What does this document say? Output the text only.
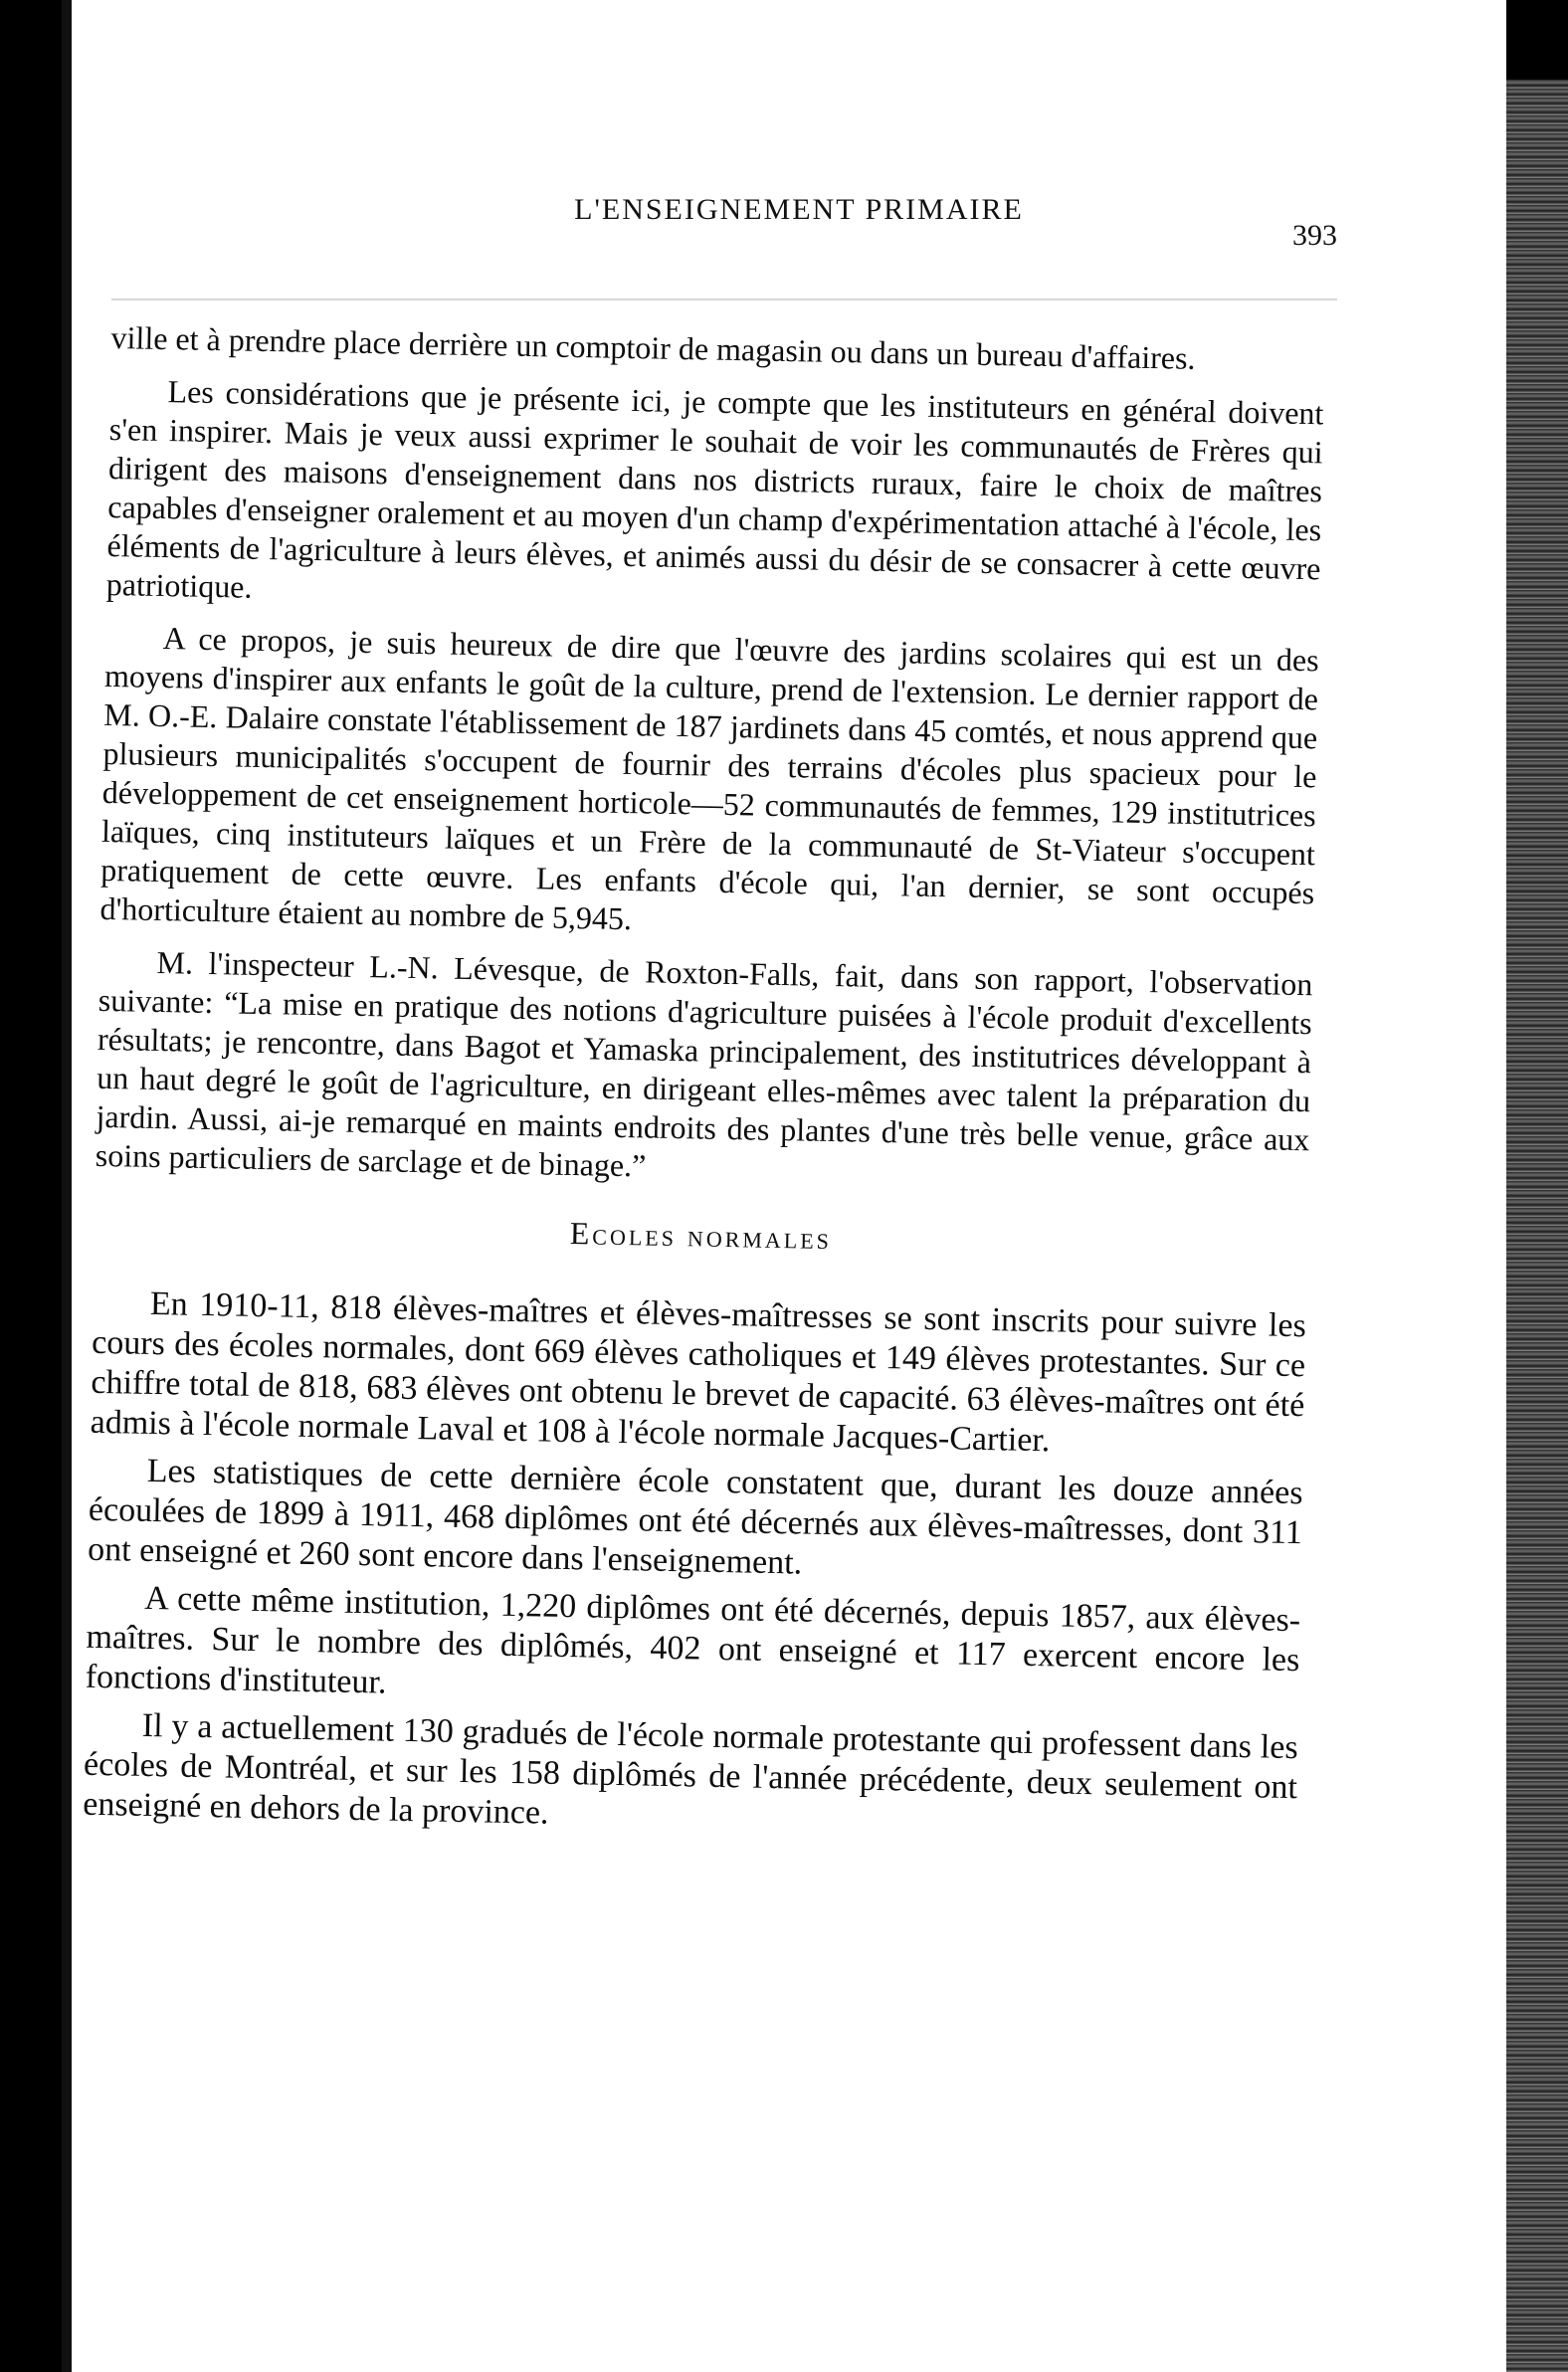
L'ENSEIGNEMENT PRIMAIRE
393

ville et à prendre place derrière un comptoir de magasin ou dans un bureau d'affaires.

Les considérations que je présente ici, je compte que les instituteurs en général doivent s'en inspirer. Mais je veux aussi exprimer le souhait de voir les communautés de Frères qui dirigent des maisons d'enseignement dans nos districts ruraux, faire le choix de maîtres capables d'enseigner oralement et au moyen d'un champ d'expérimentation attaché à l'école, les éléments de l'agriculture à leurs élèves, et animés aussi du désir de se consacrer à cette œuvre patriotique.

A ce propos, je suis heureux de dire que l'œuvre des jardins scolaires qui est un des moyens d'inspirer aux enfants le goût de la culture, prend de l'extension. Le dernier rapport de M. O.-E. Dalaire constate l'établissement de 187 jardinets dans 45 comtés, et nous apprend que plusieurs municipalités s'occupent de fournir des terrains d'écoles plus spacieux pour le développement de cet enseignement horticole—52 communautés de femmes, 129 institutrices laïques, cinq instituteurs laïques et un Frère de la communauté de St-Viateur s'occupent pratiquement de cette œuvre. Les enfants d'école qui, l'an dernier, se sont occupés d'horticulture étaient au nombre de 5,945.

M. l'inspecteur L.-N. Lévesque, de Roxton-Falls, fait, dans son rapport, l'observation suivante: “La mise en pratique des notions d'agriculture puisées à l'école produit d'excellents résultats; je rencontre, dans Bagot et Yamaska principalement, des institutrices développant à un haut degré le goût de l'agriculture, en dirigeant elles-mêmes avec talent la préparation du jardin. Aussi, ai-je remarqué en maints endroits des plantes d'une très belle venue, grâce aux soins particuliers de sarclage et de binage.”

Ecoles normales

En 1910-11, 818 élèves-maîtres et élèves-maîtresses se sont inscrits pour suivre les cours des écoles normales, dont 669 élèves catholiques et 149 élèves protestantes. Sur ce chiffre total de 818, 683 élèves ont obtenu le brevet de capacité. 63 élèves-maîtres ont été admis à l'école normale Laval et 108 à l'école normale Jacques-Cartier.

Les statistiques de cette dernière école constatent que, durant les douze années écoulées de 1899 à 1911, 468 diplômes ont été décernés aux élèves-maîtresses, dont 311 ont enseigné et 260 sont encore dans l'enseignement.

A cette même institution, 1,220 diplômes ont été décernés, depuis 1857, aux élèves-maîtres. Sur le nombre des diplômés, 402 ont enseigné et 117 exercent encore les fonctions d'instituteur.

Il y a actuellement 130 gradués de l'école normale protestante qui professent dans les écoles de Montréal, et sur les 158 diplômés de l'année précédente, deux seulement ont enseigné en dehors de la province.
